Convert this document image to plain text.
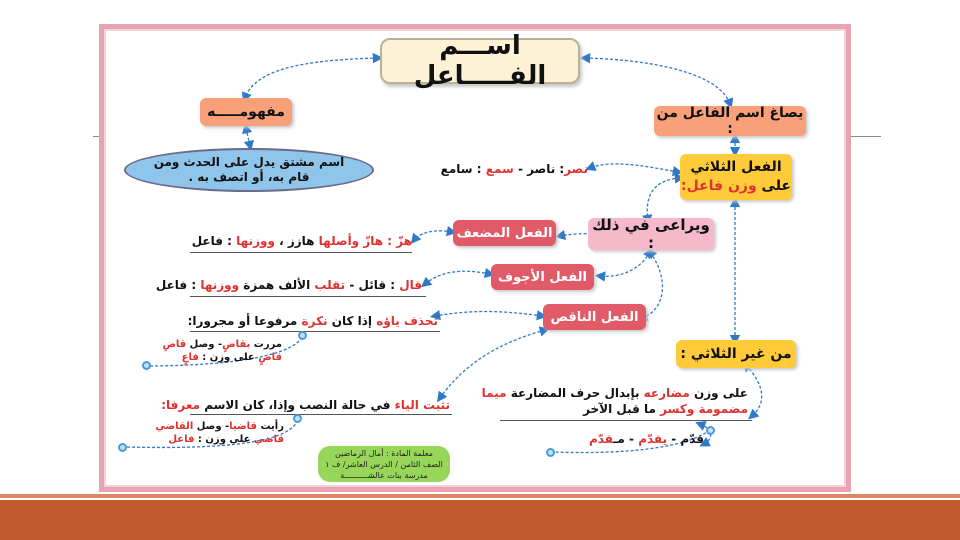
اســـم الفـــــاعل
مفهومـــــه
اسم مشتق يدل على الحدث ومن قام به، أو اتصف به .
يصاغ اسم الفاعل من :
الفعل الثلاثي
على وزن فاعل:
نصر: ناصر - سمع : سامع
ويراعى في ذلك :
الفعل المضعف
هزّ : هازّ وأصلها هازز ، ووزنها : فاعل
الفعل الأجوف
قال : قائل - تقلب الألف همزة ووزنها : فاعل
الفعل الناقص
تحذف ياؤه إذا كان نكرة مرفوعا أو مجرورا:
مررت بقاضٍ- وصل قاضِ
قاضٍ على وزن : فاعٍ
تثبت الياء في حالة النصب وإذا، كان الاسم معرفا:
رأيت قاضيا- وصل القاضي
قاضي على وزن : فاعل
من غير الثلاثي :
على وزن مضارعه بإبدال حرف المضارعة ميما
مضمومة وكسر ما قبل الآخر
قدّم - يقدّم - مـقدّم
معلمة المادة : أمال الرماضين
الصف الثامن / الدرس العاشر/ ف ١
مدرسة بنات عالشــــــــــة
